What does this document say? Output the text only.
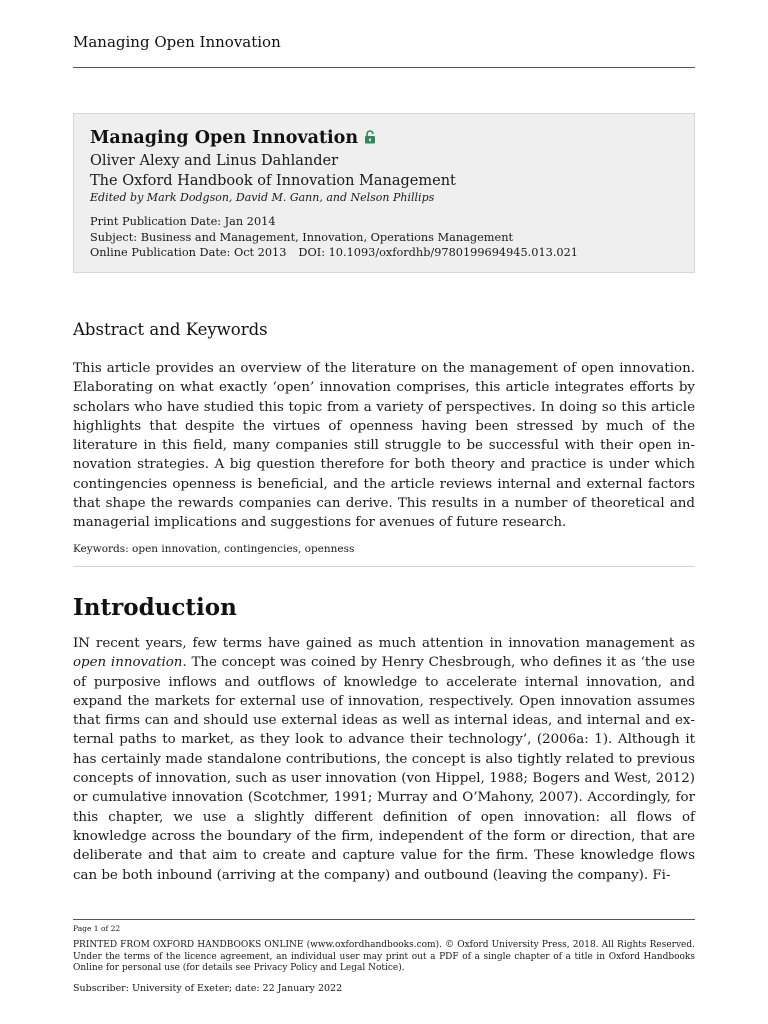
Managing Open Innovation
Managing Open Innovation
Oliver Alexy and Linus Dahlander
The Oxford Handbook of Innovation Management
Edited by Mark Dodgson, David M. Gann, and Nelson Phillips
Print Publication Date: Jan 2014
Subject: Business and Management, Innovation, Operations Management
Online Publication Date: Oct 2013 DOI: 10.1093/oxfordhb/9780199694945.013.021
Abstract and Keywords

This article provides an overview of the literature on the management of open innovation. Elaborating on what exactly ‘open’ innovation comprises, this article integrates efforts by scholars who have studied this topic from a variety of perspectives. In doing so this article highlights that despite the virtues of openness having been stressed by much of the literature in this field, many companies still struggle to be successful with their open innovation strategies. A big question therefore for both theory and practice is under which contingencies openness is beneficial, and the article reviews internal and external factors that shape the rewards companies can derive. This results in a number of theoretical and managerial implications and suggestions for avenues of future research.

Keywords: open innovation, contingencies, openness
Introduction

IN recent years, few terms have gained as much attention in innovation management as open innovation. The concept was coined by Henry Chesbrough, who defines it as ‘the use of purposive inflows and outflows of knowledge to accelerate internal innovation, and expand the markets for external use of innovation, respectively. Open innovation assumes that firms can and should use external ideas as well as internal ideas, and internal and external paths to market, as they look to advance their technology’, (2006a: 1). Although it has certainly made standalone contributions, the concept is also tightly related to previous concepts of innovation, such as user innovation (von Hippel, 1988; Bogers and West, 2012) or cumulative innovation (Scotchmer, 1991; Murray and O’Mahony, 2007). Accordingly, for this chapter, we use a slightly different definition of open innovation: all flows of knowledge across the boundary of the firm, independent of the form or direction, that are deliberate and that aim to create and capture value for the firm. These knowledge flows can be both inbound (arriving at the company) and outbound (leaving the company). Fi-

Page 1 of 22
PRINTED FROM OXFORD HANDBOOKS ONLINE (www.oxfordhandbooks.com). © Oxford University Press, 2018. All Rights Reserved. Under the terms of the licence agreement, an individual user may print out a PDF of a single chapter of a title in Oxford Handbooks Online for personal use (for details see Privacy Policy and Legal Notice).
Subscriber: University of Exeter; date: 22 January 2022
